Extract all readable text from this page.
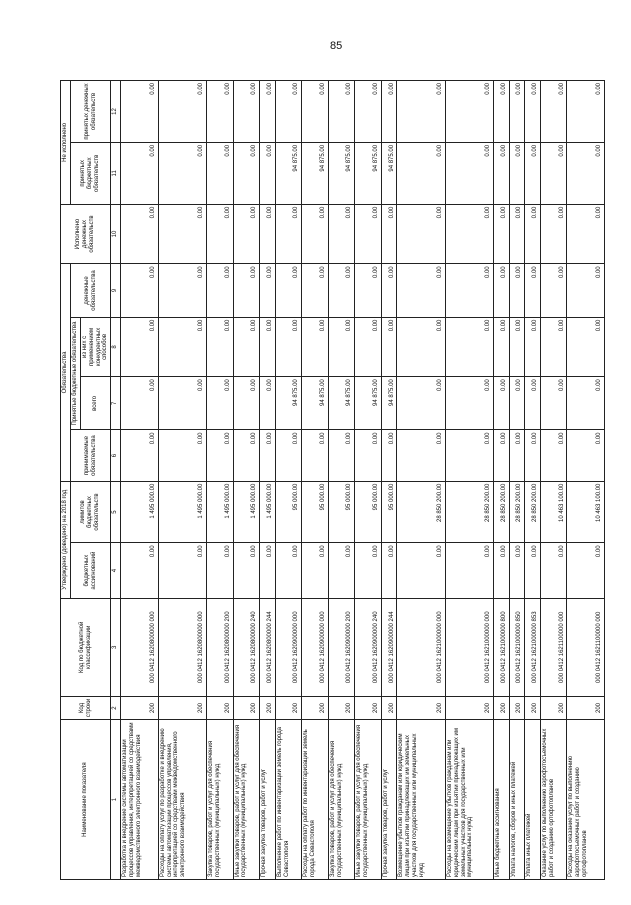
85
Наименование показателя	Код строки	Код по бюджетной классификации	Утверждено (доведено) на 2018 год		Обязательства				Исполнено денежных обязательств	Не исполнено	
			бюджетных ассигнований	лимитов бюджетных обязательств	принимаемые обязательства	Принятые бюджетные обязательства		денежные обязательства		принятых бюджетных обязательств	принятых денежных обязательств
						всего	из них с применением конкурентных способов				
1	2	3	4	5	6	7	8	9	10	11	12
Разработка и внедрение системы автоматизации процессов управления, интерпретацией со средствами межведомственного электронного взаимодействия	200	000 0412 1620800000 000	0.00	1 495 000.00	0.00	0.00	0.00	0.00	0.00	0.00	0.00
Расходы на оплату услуг по разработке и внедрению системы автоматизации процессов управления, интерпретацией со средствами межведомственного электронного взаимодействия	200	000 0412 1620800000 000	0.00	1 495 000.00	0.00	0.00	0.00	0.00	0.00	0.00	0.00
Закупка товаров, работ и услуг для обеспечения государственных (муниципальных) нужд	200	000 0412 1620800000 200	0.00	1 495 000.00	0.00	0.00	0.00	0.00	0.00	0.00	0.00
Иные закупки товаров, работ и услуг для обеспечения государственных (муниципальных) нужд	200	000 0412 1620800000 240	0.00	1 495 000.00	0.00	0.00	0.00	0.00	0.00	0.00	0.00
Прочая закупка товаров, работ и услуг	200	000 0412 1620800000 244	0.00	1 495 000.00	0.00	0.00	0.00	0.00	0.00	0.00	0.00
Выполнение работ по инвентаризации земель города Севастополя	200	000 0412 1620900000 000	0.00	95 000.00	0.00	94 875.00	0.00	0.00	0.00	94 875.00	0.00
Расходы на оплату работ по инвентаризации земель города Севастополя	200	000 0412 1620900000 000	0.00	95 000.00	0.00	94 875.00	0.00	0.00	0.00	94 875.00	0.00
Закупка товаров, работ и услуг для обеспечения государственных (муниципальных) нужд	200	000 0412 1620900000 200	0.00	95 000.00	0.00	94 875.00	0.00	0.00	0.00	94 875.00	0.00
Иные закупки товаров, работ и услуг для обеспечения государственных (муниципальных) нужд	200	000 0412 1620900000 240	0.00	95 000.00	0.00	94 875.00	0.00	0.00	0.00	94 875.00	0.00
Прочая закупка товаров, работ и услуг	200	000 0412 1620900000 244	0.00	95 000.00	0.00	94 875.00	0.00	0.00	0.00	94 875.00	0.00
Возмещение убытков гражданам или юридическим лицам при изъятии принадлежащих им земельных участков для государственных или муниципальных нужд	200	000 0412 1621000000 000	0.00	28 850 200.00	0.00	0.00	0.00	0.00	0.00	0.00	0.00
Расходы на возмещение убытков гражданам или юридическим лицам при изъятии принадлежащих им земельных участков для государственных или муниципальных нужд	200	000 0412 1621000000 000	0.00	28 850 200.00	0.00	0.00	0.00	0.00	0.00	0.00	0.00
Иные бюджетные ассигнования	200	000 0412 1621000000 800	0.00	28 850 200.00	0.00	0.00	0.00	0.00	0.00	0.00	0.00
Уплата налогов, сборов и иных платежей	200	000 0412 1621000000 850	0.00	28 850 200.00	0.00	0.00	0.00	0.00	0.00	0.00	0.00
Уплата иных платежей	200	000 0412 1621000000 853	0.00	28 850 200.00	0.00	0.00	0.00	0.00	0.00	0.00	0.00
Оказание услуг по выполнению аэрофотосъемочных работ и созданию ортофотопланов	200	000 0412 1621100000 000	0.00	10 463 100.00	0.00	0.00	0.00	0.00	0.00	0.00	0.00
Расходы на оказание услуг по выполнению аэрофотосъемочных работ и созданию ортофотопланов	200	000 0412 1621100000 000	0.00	10 463 100.00	0.00	0.00	0.00	0.00	0.00	0.00	0.00
